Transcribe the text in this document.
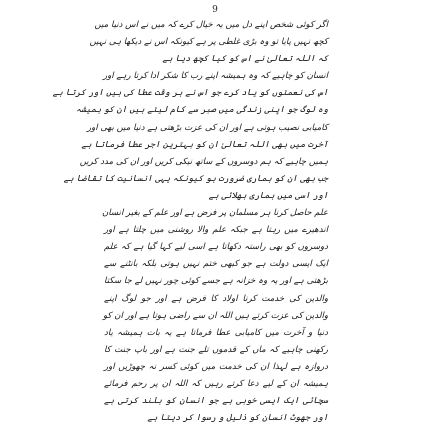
9
اگر کوئی شخص اپنے دل میں یہ خیال کرے کہ میں نے اس دنیا میں
کچھ نہیں پایا تو وہ بڑی غلطی پر ہے کیونکہ اس نے دیکھا ہی نہیں
کہ اللہ تعالیٰ نے اس کو کیا کچھ دیا ہے
انسان کو چاہیے کہ وہ ہمیشہ اپنے رب کا شکر ادا کرتا رہے اور
اس کی نعمتوں کو یاد کرے جو اس نے ہر وقت عطا کی ہیں اور کرتا ہے
وہ لوگ جو اپنی زندگی میں صبر سے کام لیتے ہیں ان کو ہمیشہ
کامیابی نصیب ہوتی ہے اور ان کی عزت بڑھتی ہے دنیا میں بھی اور
آخرت میں بھی اللہ تعالیٰ ان کو بہترین اجر عطا فرماتا ہے
ہمیں چاہیے کہ ہم دوسروں کے ساتھ نیکی کریں اور ان کی مدد کریں
جب بھی ان کو ہماری ضرورت ہو کیونکہ یہی انسانیت کا تقاضا ہے
اور اسی میں ہماری بھلائی ہے
علم حاصل کرنا ہر مسلمان پر فرض ہے اور علم کے بغیر انسان
اندھیرے میں رہتا ہے جبکہ علم والا روشنی میں چلتا ہے اور
دوسروں کو بھی راستہ دکھاتا ہے اسی لیے کہا گیا ہے کہ علم
ایک ایسی دولت ہے جو کبھی ختم نہیں ہوتی بلکہ بانٹنے سے
بڑھتی ہے اور یہ وہ خزانہ ہے جسے کوئی چور نہیں لے جا سکتا
والدین کی خدمت کرنا اولاد کا فرض ہے اور جو لوگ اپنے
والدین کی عزت کرتے ہیں اللہ ان سے راضی ہوتا ہے اور ان کو
دنیا و آخرت میں کامیابی عطا فرماتا ہے یہ بات ہمیشہ یاد
رکھنی چاہیے کہ ماں کے قدموں تلے جنت ہے اور باپ جنت کا
دروازہ ہے لہذا ان کی خدمت میں کوئی کسر نہ چھوڑیں اور
ہمیشہ ان کے لیے دعا کرتے رہیں کہ اللہ ان پر رحم فرمائے
سچائی ایک ایسی خوبی ہے جو انسان کو بلند کرتی ہے
اور جھوٹ انسان کو ذلیل و رسوا کر دیتا ہے
